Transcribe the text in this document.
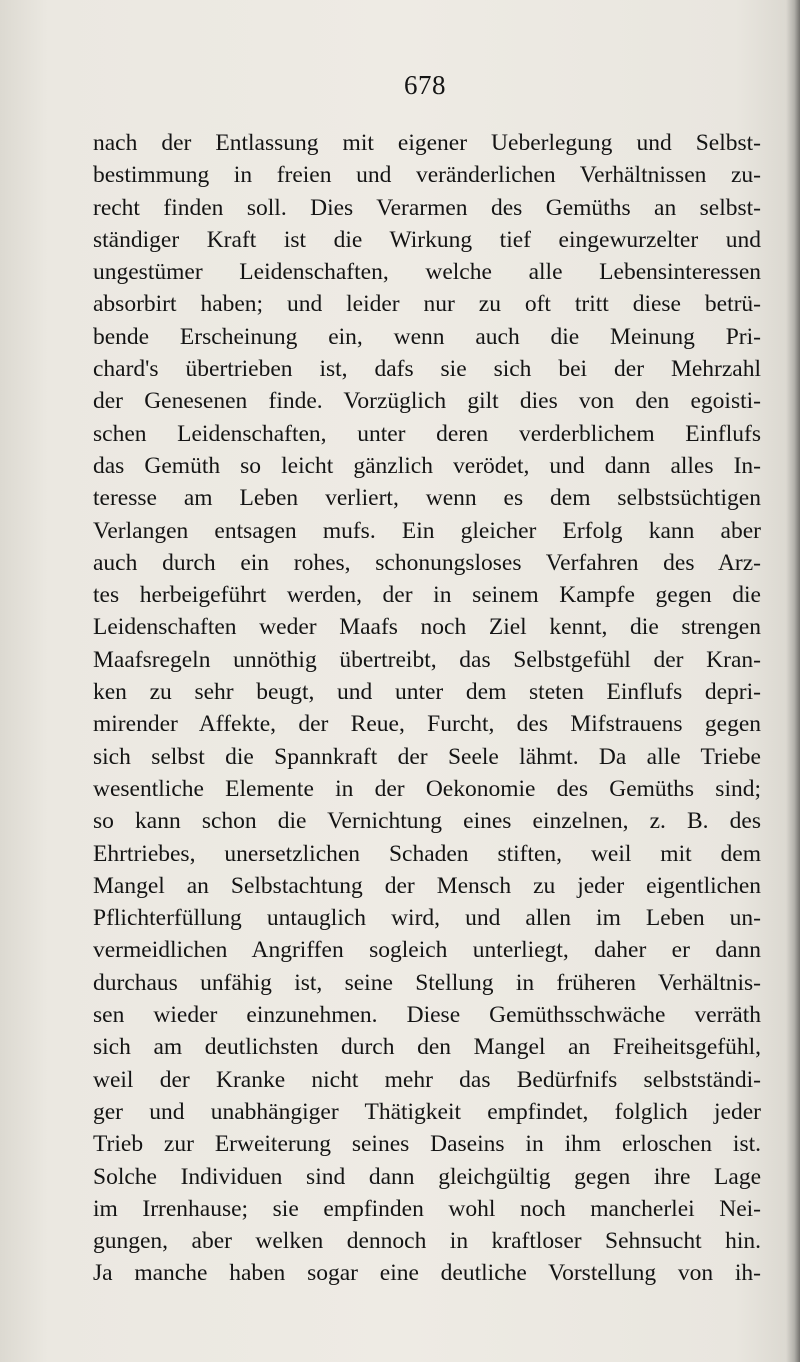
678
nach der Entlassung mit eigener Ueberlegung und Selbst-
bestimmung in freien und veränderlichen Verhältnissen zu-
recht finden soll. Dies Verarmen des Gemüths an selbst-
ständiger Kraft ist die Wirkung tief eingewurzelter und
ungestümer Leidenschaften, welche alle Lebensinteressen
absorbirt haben; und leider nur zu oft tritt diese betrü-
bende Erscheinung ein, wenn auch die Meinung Pri-
chard's übertrieben ist, dafs sie sich bei der Mehrzahl
der Genesenen finde. Vorzüglich gilt dies von den egoisti-
schen Leidenschaften, unter deren verderblichem Einflufs
das Gemüth so leicht gänzlich verödet, und dann alles In-
teresse am Leben verliert, wenn es dem selbstsüchtigen
Verlangen entsagen mufs. Ein gleicher Erfolg kann aber
auch durch ein rohes, schonungsloses Verfahren des Arz-
tes herbeigeführt werden, der in seinem Kampfe gegen die
Leidenschaften weder Maafs noch Ziel kennt, die strengen
Maafsregeln unnöthig übertreibt, das Selbstgefühl der Kran-
ken zu sehr beugt, und unter dem steten Einflufs depri-
mirender Affekte, der Reue, Furcht, des Mifstrauens gegen
sich selbst die Spannkraft der Seele lähmt. Da alle Triebe
wesentliche Elemente in der Oekonomie des Gemüths sind;
so kann schon die Vernichtung eines einzelnen, z. B. des
Ehrtriebes, unersetzlichen Schaden stiften, weil mit dem
Mangel an Selbstachtung der Mensch zu jeder eigentlichen
Pflichterfüllung untauglich wird, und allen im Leben un-
vermeidlichen Angriffen sogleich unterliegt, daher er dann
durchaus unfähig ist, seine Stellung in früheren Verhältnis-
sen wieder einzunehmen. Diese Gemüthsschwäche verräth
sich am deutlichsten durch den Mangel an Freiheitsgefühl,
weil der Kranke nicht mehr das Bedürfnifs selbstständi-
ger und unabhängiger Thätigkeit empfindet, folglich jeder
Trieb zur Erweiterung seines Daseins in ihm erloschen ist.
Solche Individuen sind dann gleichgültig gegen ihre Lage
im Irrenhause; sie empfinden wohl noch mancherlei Nei-
gungen, aber welken dennoch in kraftloser Sehnsucht hin.
Ja manche haben sogar eine deutliche Vorstellung von ih-
